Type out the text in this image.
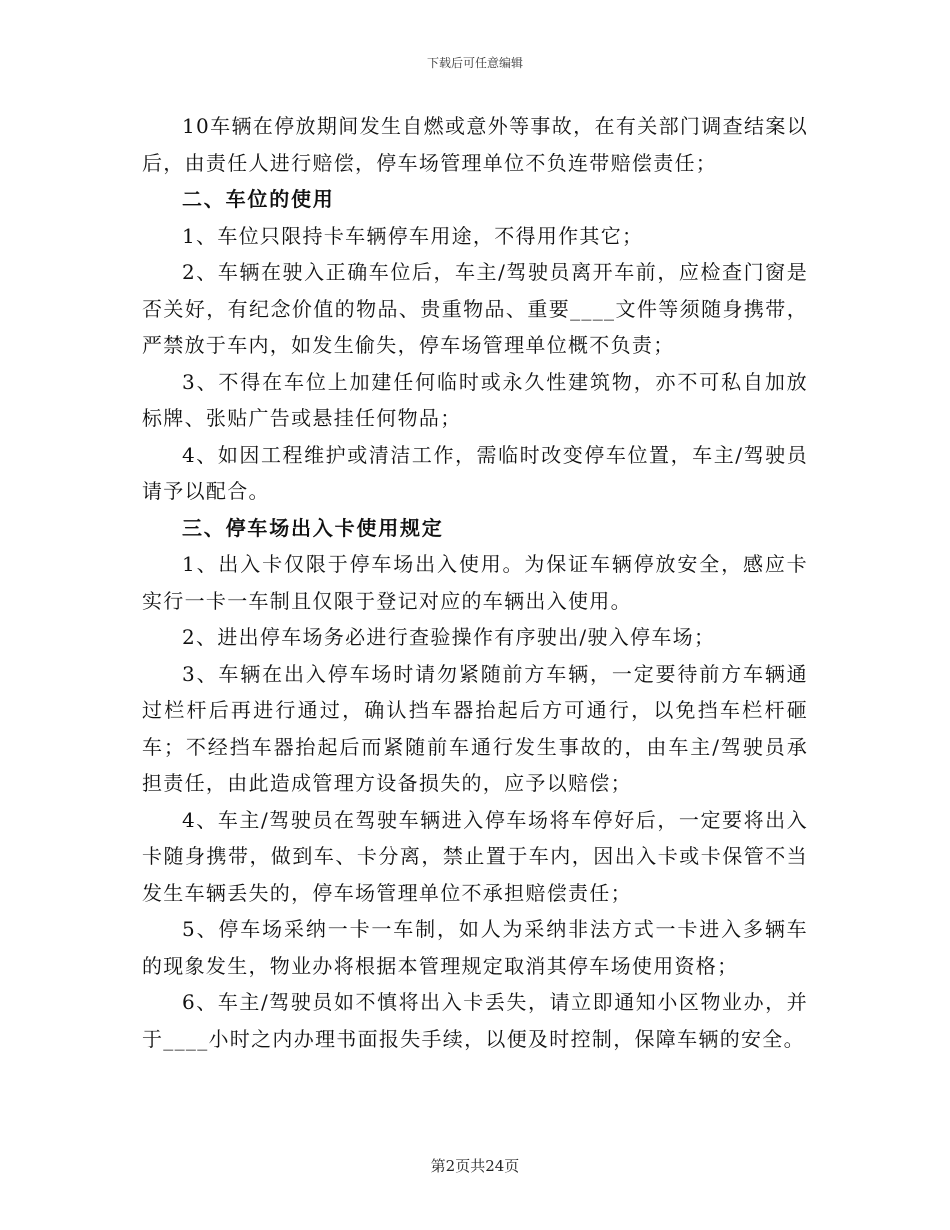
下载后可任意编辑

10车辆在停放期间发生自燃或意外等事故，在有关部门调查结案以后，由责任人进行赔偿，停车场管理单位不负连带赔偿责任；

二、车位的使用

1、车位只限持卡车辆停车用途，不得用作其它；

2、车辆在驶入正确车位后，车主/驾驶员离开车前，应检查门窗是否关好，有纪念价值的物品、贵重物品、重要____文件等须随身携带，严禁放于车内，如发生偷失，停车场管理单位概不负责；

3、不得在车位上加建任何临时或永久性建筑物，亦不可私自加放标牌、张贴广告或悬挂任何物品；

4、如因工程维护或清洁工作，需临时改变停车位置，车主/驾驶员请予以配合。

三、停车场出入卡使用规定

1、出入卡仅限于停车场出入使用。为保证车辆停放安全，感应卡实行一卡一车制且仅限于登记对应的车辆出入使用。

2、进出停车场务必进行查验操作有序驶出/驶入停车场；

3、车辆在出入停车场时请勿紧随前方车辆，一定要待前方车辆通过栏杆后再进行通过，确认挡车器抬起后方可通行，以免挡车栏杆砸车；不经挡车器抬起后而紧随前车通行发生事故的，由车主/驾驶员承担责任，由此造成管理方设备损失的，应予以赔偿；

4、车主/驾驶员在驾驶车辆进入停车场将车停好后，一定要将出入卡随身携带，做到车、卡分离，禁止置于车内，因出入卡或卡保管不当发生车辆丢失的，停车场管理单位不承担赔偿责任；

5、停车场采纳一卡一车制，如人为采纳非法方式一卡进入多辆车的现象发生，物业办将根据本管理规定取消其停车场使用资格；

6、车主/驾驶员如不慎将出入卡丢失，请立即通知小区物业办，并于____小时之内办理书面报失手续，以便及时控制，保障车辆的安全。

第2页共24页
